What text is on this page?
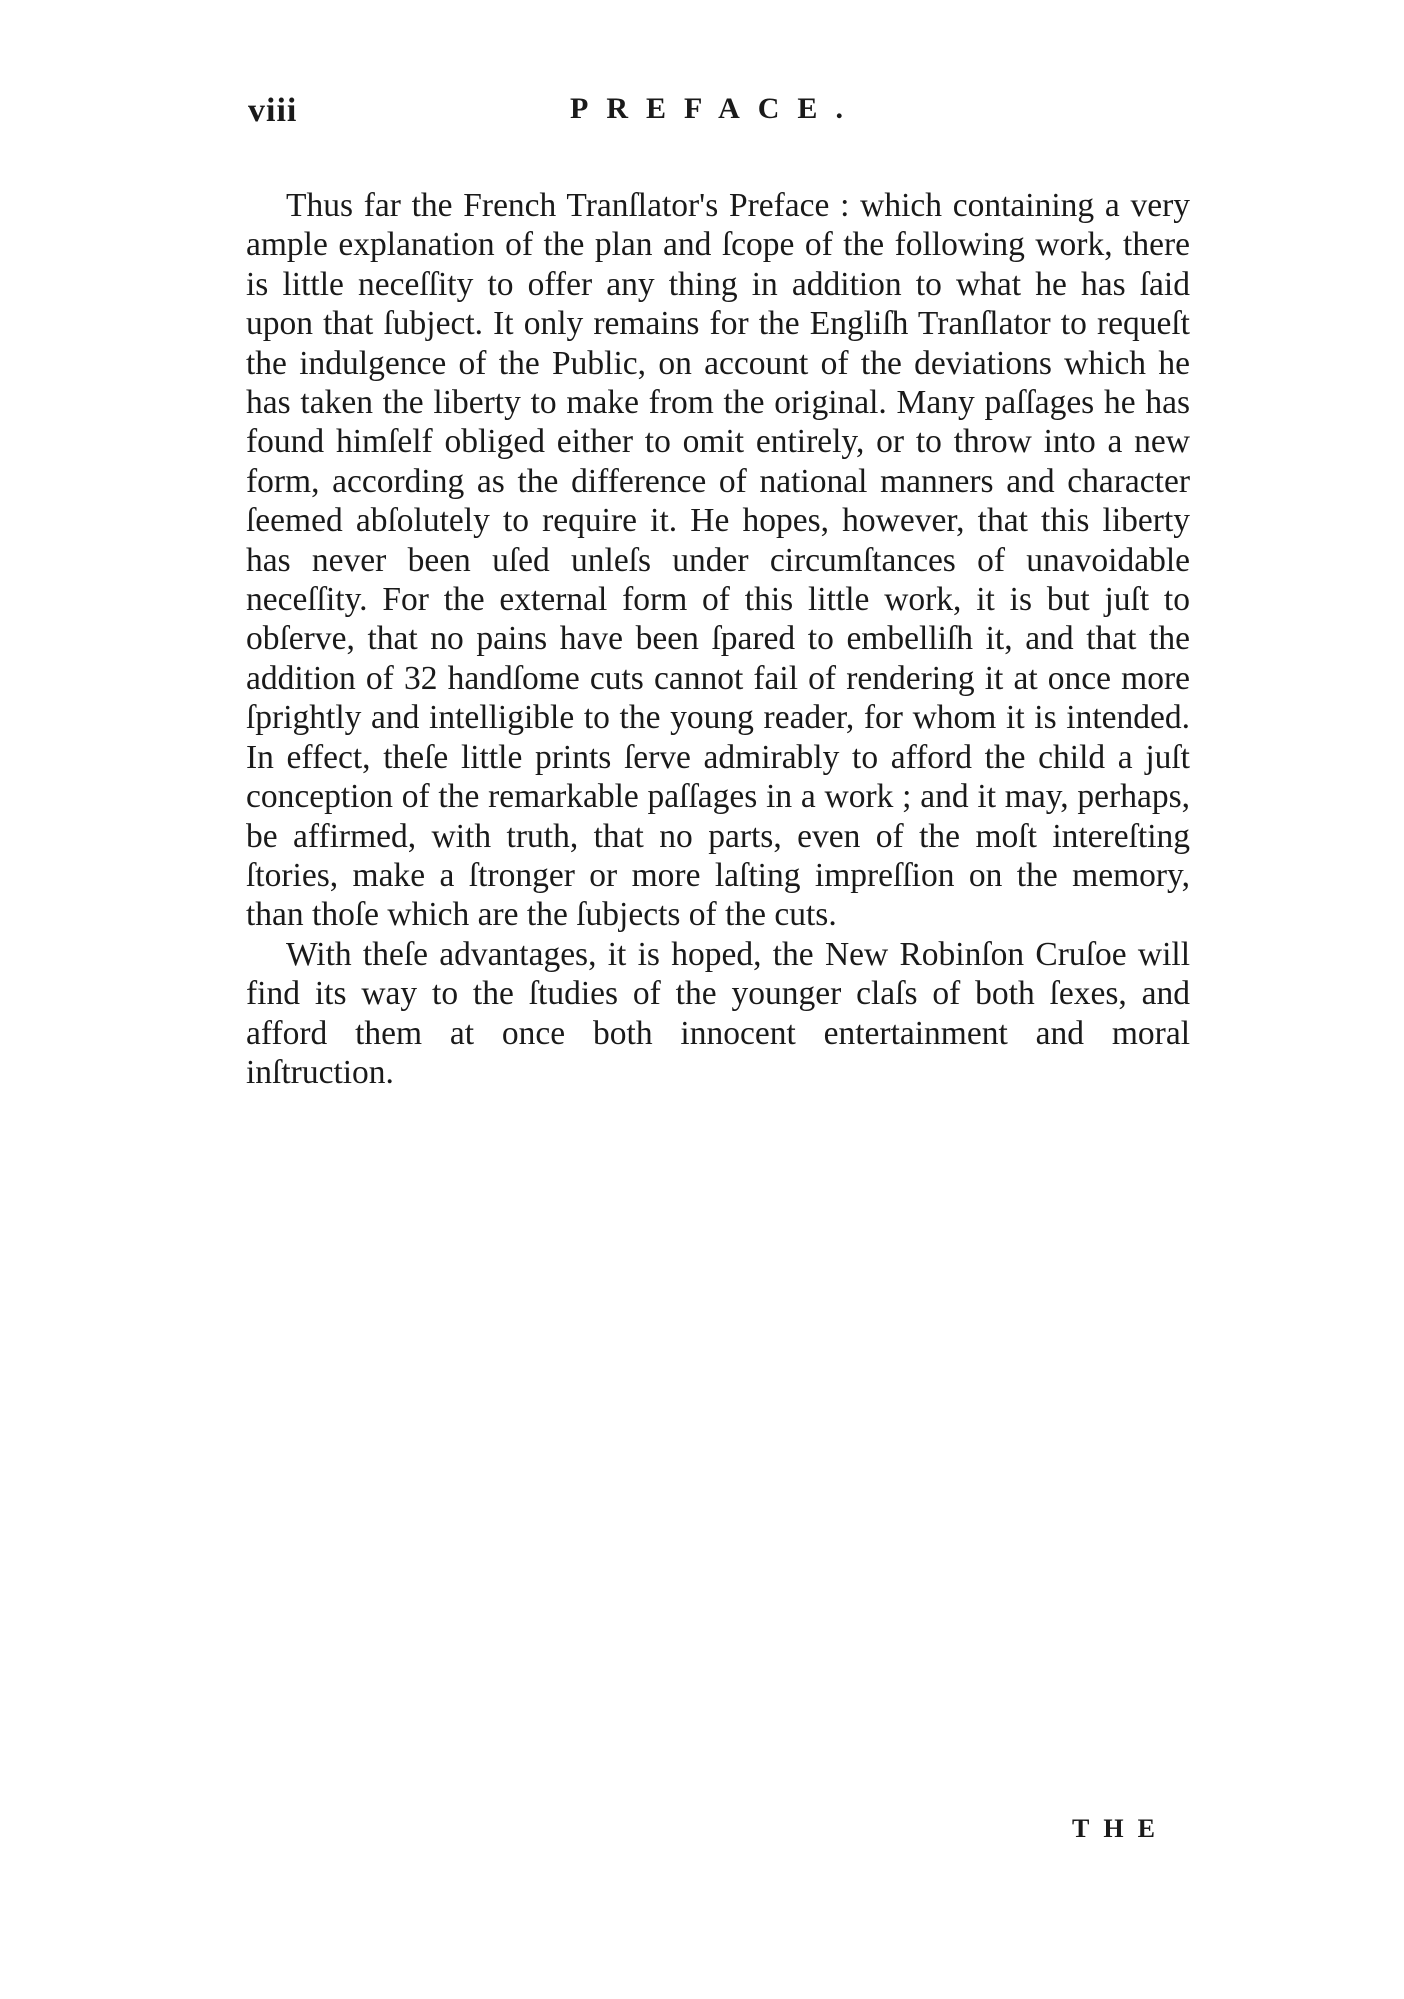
viii	PREFACE.

Thus far the French Tranſlator's Preface : which containing a very ample explanation of the plan and ſcope of the following work, there is little neceſſity to offer any thing in addition to what he has ſaid upon that ſubject. It only remains for the Engliſh Tranſlator to requeſt the indulgence of the Public, on account of the deviations which he has taken the liberty to make from the original. Many paſſages he has found himſelf obliged either to omit entirely, or to throw into a new form, according as the difference of national manners and character ſeemed abſolutely to require it. He hopes, however, that this liberty has never been uſed unleſs under circumſtances of unavoidable neceſſity. For the external form of this little work, it is but juſt to obſerve, that no pains have been ſpared to embelliſh it, and that the addition of 32 handſome cuts cannot fail of rendering it at once more ſprightly and intelligible to the young reader, for whom it is intended. In effect, theſe little prints ſerve admirably to afford the child a juſt conception of the remarkable paſſages in a work ; and it may, perhaps, be affirmed, with truth, that no parts, even of the moſt intereſting ſtories, make a ſtronger or more laſting impreſſion on the memory, than thoſe which are the ſubjects of the cuts.

With theſe advantages, it is hoped, the New Robinſon Cruſoe will find its way to the ſtudies of the younger claſs of both ſexes, and afford them at once both innocent entertainment and moral inſtruction.

THE
